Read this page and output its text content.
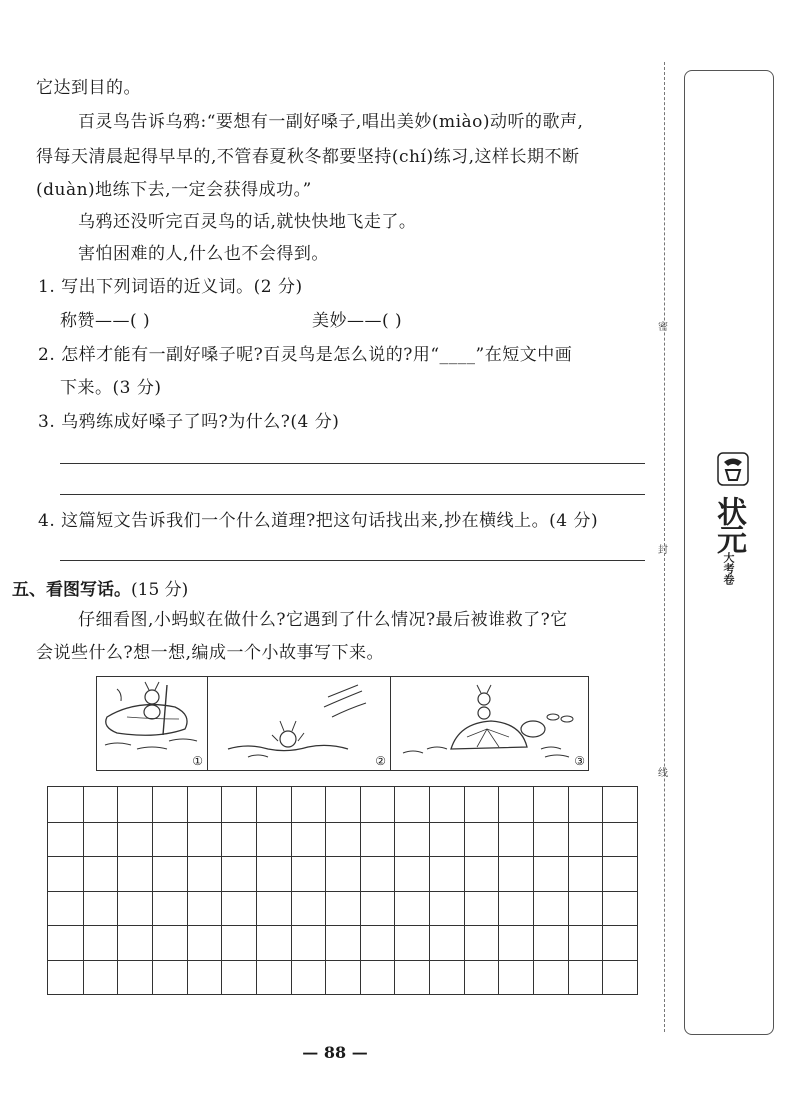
它达到目的。
百灵鸟告诉乌鸦:“要想有一副好嗓子,唱出美妙(miào)动听的歌声,
得每天清晨起得早早的,不管春夏秋冬都要坚持(chí)练习,这样长期不断
(duàn)地练下去,一定会获得成功。”
乌鸦还没听完百灵鸟的话,就快快地飞走了。
害怕困难的人,什么也不会得到。
1. 写出下列词语的近义词。(2 分)
称赞——( )	美妙——( )
2. 怎样才能有一副好嗓子呢?百灵鸟是怎么说的?用“____”在短文中画
下来。(3 分)
3. 乌鸦练成好嗓子了吗?为什么?(4 分)
4. 这篇短文告诉我们一个什么道理?把这句话找出来,抄在横线上。(4 分)
五、看图写话。(15 分)
仔细看图,小蚂蚁在做什么?它遇到了什么情况?最后被谁救了?它
会说些什么?想一想,编成一个小故事写下来。
①	②	③
密
封
线
状元大考卷
— 88 —
